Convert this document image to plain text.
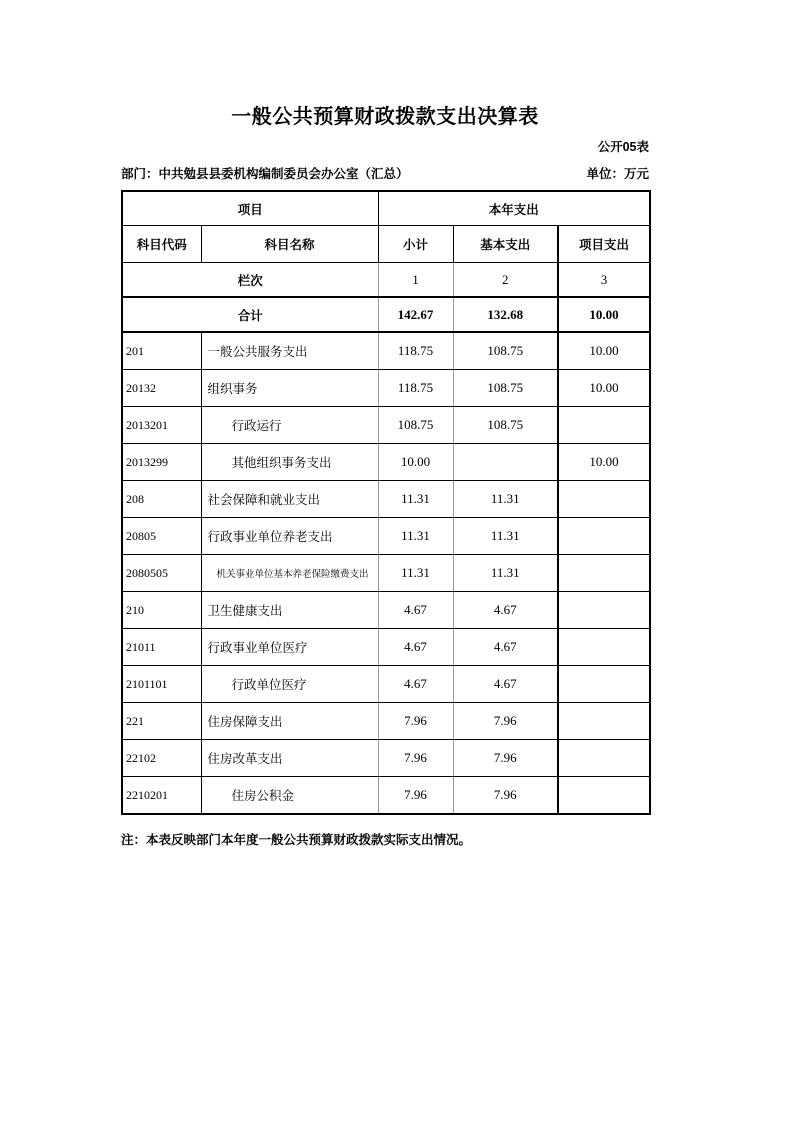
一般公共预算财政拨款支出决算表
公开05表
部门：中共勉县县委机构编制委员会办公室（汇总）	单位：万元
项目		本年支出		
科目代码	科目名称	小计	基本支出	项目支出
栏次		1	2	3
合计		142.67	132.68	10.00
201	一般公共服务支出	118.75	108.75	10.00
20132	组织事务	118.75	108.75	10.00
2013201	行政运行	108.75	108.75	
2013299	其他组织事务支出	10.00		10.00
208	社会保障和就业支出	11.31	11.31	
20805	行政事业单位养老支出	11.31	11.31	
2080505	机关事业单位基本养老保险缴费支出	11.31	11.31	
210	卫生健康支出	4.67	4.67	
21011	行政事业单位医疗	4.67	4.67	
2101101	行政单位医疗	4.67	4.67	
221	住房保障支出	7.96	7.96	
22102	住房改革支出	7.96	7.96	
2210201	住房公积金	7.96	7.96	
注：本表反映部门本年度一般公共预算财政拨款实际支出情况。
